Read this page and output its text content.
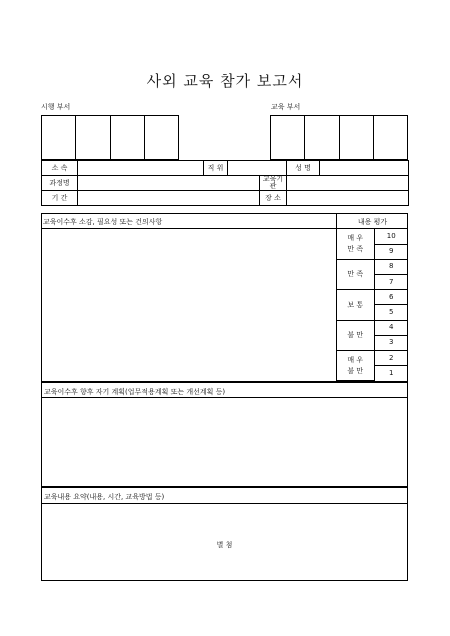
사외 교육 참가 보고서
시행 부서	교육 부서

소 속		직 위			성 명	
과정명				교육기관		
기 간				장 소		
교육이수후 소감, 필요성 또는 건의사항	내용 평가
매 우
만 족	10
	9
만 족	8
	7
보 통	6
	5
불 만	4
	3
매 우
불 만	2
	1
교육이수후 향후 자기 계획(업무적용계획 또는 개선계획 등)
교육내용 요약(내용, 시간, 교육방법 등)
별 첨
